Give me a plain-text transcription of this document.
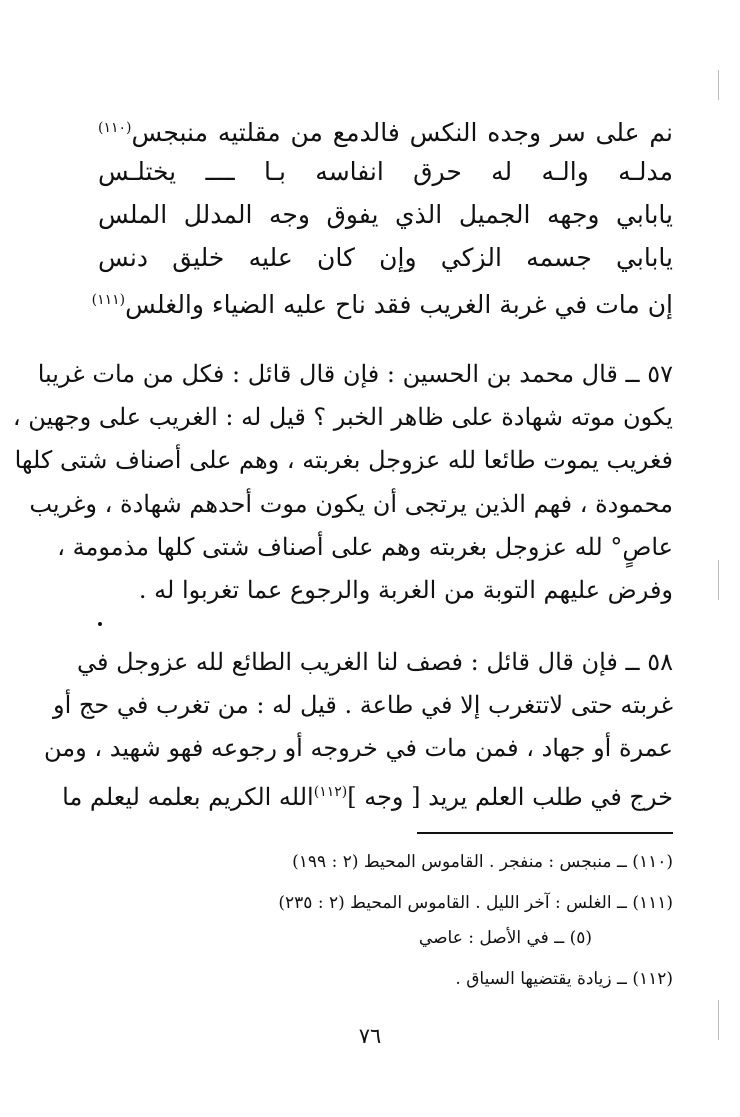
نم على سر وجده النكس فالدمع من مقلتيه منبجس$^{(١١٠)}$
مدلـه والـه له حرق انفاسه بـا ــــ يختلـس
يابابي وجهه الجميل الذي يفوق وجه المدلل الملس
يابابي جسمه الزكي وإن كان عليه خليق دنس
إن مات في غربة الغريب فقد ناح عليه الضياء والغلس$^{(١١١)}$
٥٧ ــ قال محمد بن الحسين : فإن قال قائل : فكل من مات غريبا
يكون موته شهادة على ظاهر الخبر ؟ قيل له : الغريب على وجهين ،
فغريب يموت طائعا لله عزوجل بغربته ، وهم على أصناف شتى كلها
محمودة ، فهم الذين يرتجى أن يكون موت أحدهم شهادة ، وغريب
عاصٍ° لله عزوجل بغربته وهم على أصناف شتى كلها مذمومة ،
وفرض عليهم التوبة من الغربة والرجوع عما تغربوا له .
٥٨ ــ فإن قال قائل : فصف لنا الغريب الطائع لله عزوجل في
غربته حتى لاتتغرب إلا في طاعة . قيل له : من تغرب في حج أو
عمرة أو جهاد ، فمن مات في خروجه أو رجوعه فهو شهيد ، ومن
خرج في طلب العلم يريد [ وجه ]$^{(١١٢)}$الله الكريم بعلمه ليعلم ما
(١١٠) ــ منبجس : منفجر . القاموس المحيط (٢ : ١٩٩)
(١١١) ــ الغلس : آخر الليل . القاموس المحيط (٢ : ٢٣٥)
(٥) ــ في الأصل : عاصي
(١١٢) ــ زيادة يقتضيها السياق .
٧٦
